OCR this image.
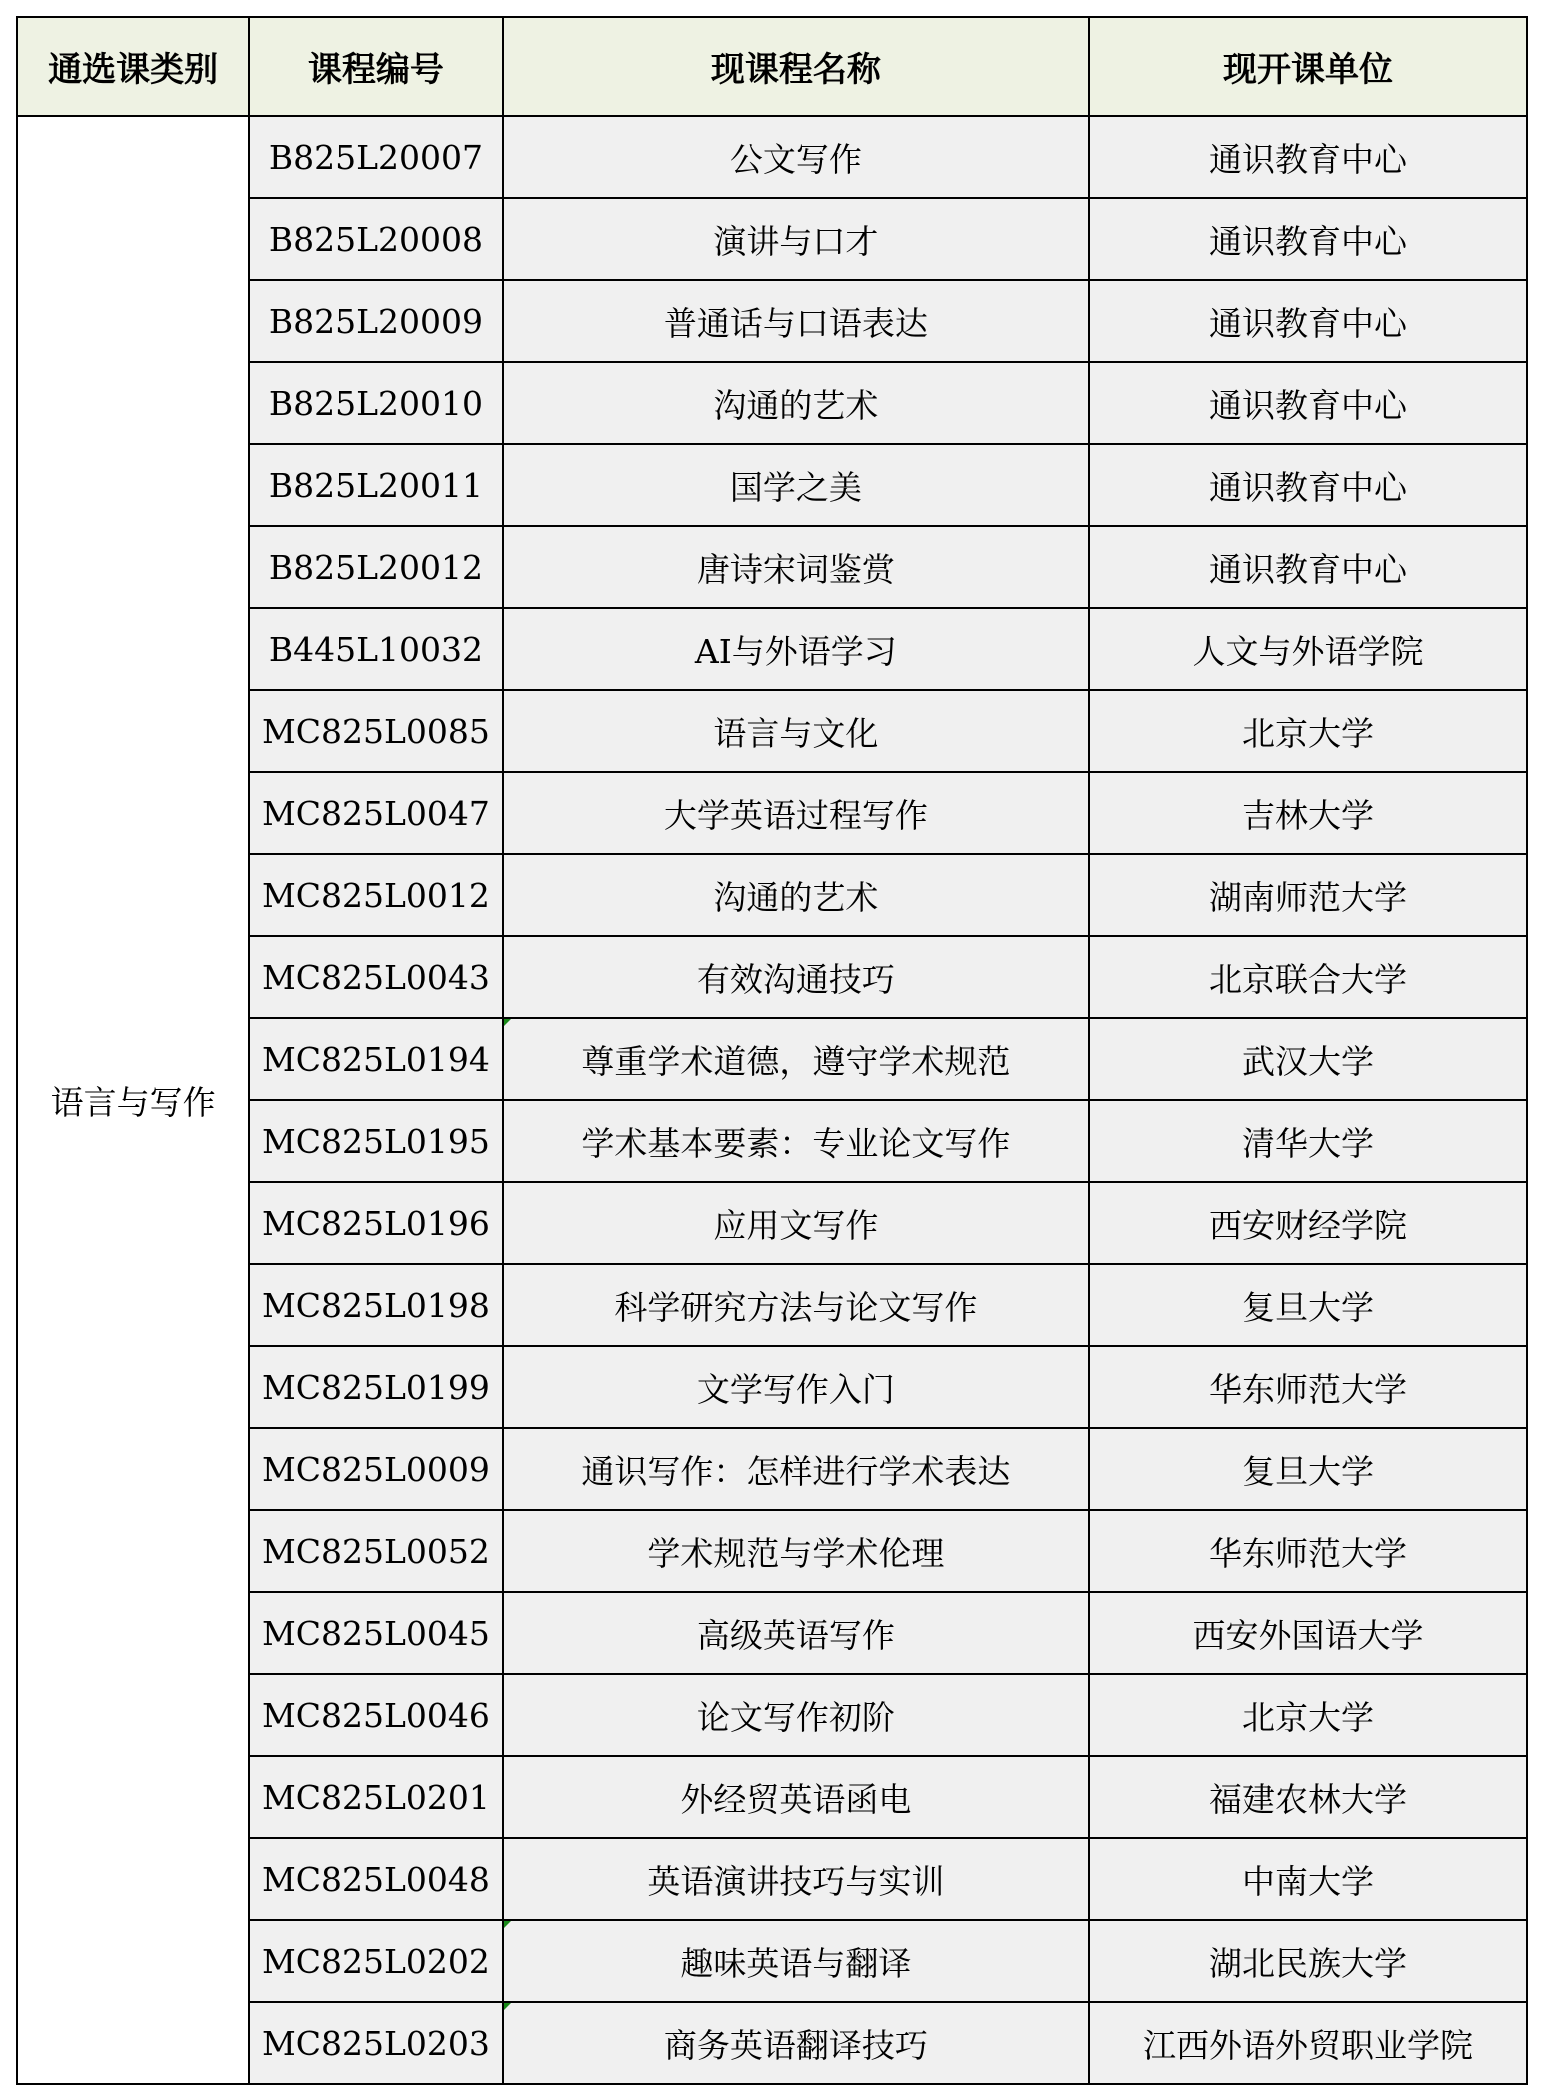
通选课类别	课程编号	现课程名称	现开课单位
语言与写作	B825L20007	公文写作	通识教育中心
	B825L20008	演讲与口才	通识教育中心
	B825L20009	普通话与口语表达	通识教育中心
	B825L20010	沟通的艺术	通识教育中心
	B825L20011	国学之美	通识教育中心
	B825L20012	唐诗宋词鉴赏	通识教育中心
	B445L10032	AI与外语学习	人文与外语学院
	MC825L0085	语言与文化	北京大学
	MC825L0047	大学英语过程写作	吉林大学
	MC825L0012	沟通的艺术	湖南师范大学
	MC825L0043	有效沟通技巧	北京联合大学
	MC825L0194	尊重学术道德，遵守学术规范	武汉大学
	MC825L0195	学术基本要素：专业论文写作	清华大学
	MC825L0196	应用文写作	西安财经学院
	MC825L0198	科学研究方法与论文写作	复旦大学
	MC825L0199	文学写作入门	华东师范大学
	MC825L0009	通识写作：怎样进行学术表达	复旦大学
	MC825L0052	学术规范与学术伦理	华东师范大学
	MC825L0045	高级英语写作	西安外国语大学
	MC825L0046	论文写作初阶	北京大学
	MC825L0201	外经贸英语函电	福建农林大学
	MC825L0048	英语演讲技巧与实训	中南大学
	MC825L0202	趣味英语与翻译	湖北民族大学
	MC825L0203	商务英语翻译技巧	江西外语外贸职业学院
